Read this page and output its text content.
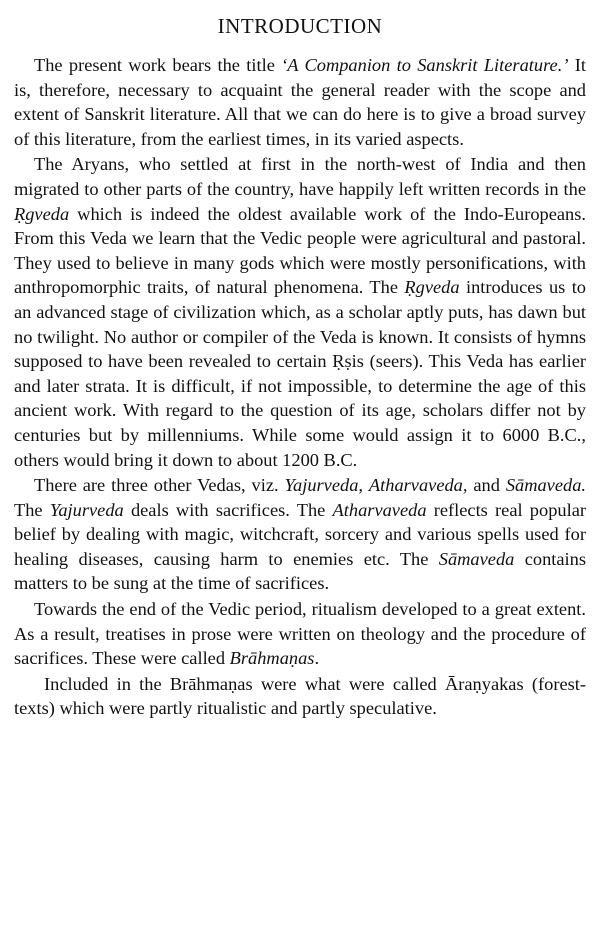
INTRODUCTION

The present work bears the title ‘A Companion to Sanskrit Literature.’ It is, therefore, necessary to acquaint the general reader with the scope and extent of Sanskrit literature. All that we can do here is to give a broad survey of this literature, from the earliest times, in its varied aspects.

The Aryans, who settled at first in the north-west of India and then migrated to other parts of the country, have happily left written records in the Ṛgveda which is indeed the oldest available work of the Indo-Europeans. From this Veda we learn that the Vedic people were agricultural and pastoral. They used to believe in many gods which were mostly personifications, with anthropomorphic traits, of natural phenomena. The Ṛgveda introduces us to an advanced stage of civilization which, as a scholar aptly puts, has dawn but no twilight. No author or compiler of the Veda is known. It consists of hymns supposed to have been revealed to certain Ṛṣis (seers). This Veda has earlier and later strata. It is difficult, if not impossible, to determine the age of this ancient work. With regard to the question of its age, scholars differ not by centuries but by millenniums. While some would assign it to 6000 B.C., others would bring it down to about 1200 B.C.

There are three other Vedas, viz. Yajurveda, Atharvaveda, and Sāmaveda. The Yajurveda deals with sacrifices. The Atharvaveda reflects real popular belief by dealing with magic, witchcraft, sorcery and various spells used for healing diseases, causing harm to enemies etc. The Sāmaveda contains matters to be sung at the time of sacrifices.

Towards the end of the Vedic period, ritualism developed to a great extent. As a result, treatises in prose were written on theology and the procedure of sacrifices. These were called Brāhmaṇas.

Included in the Brāhmaṇas were what were called Āraṇyakas (forest-texts) which were partly ritualistic and partly speculative.
